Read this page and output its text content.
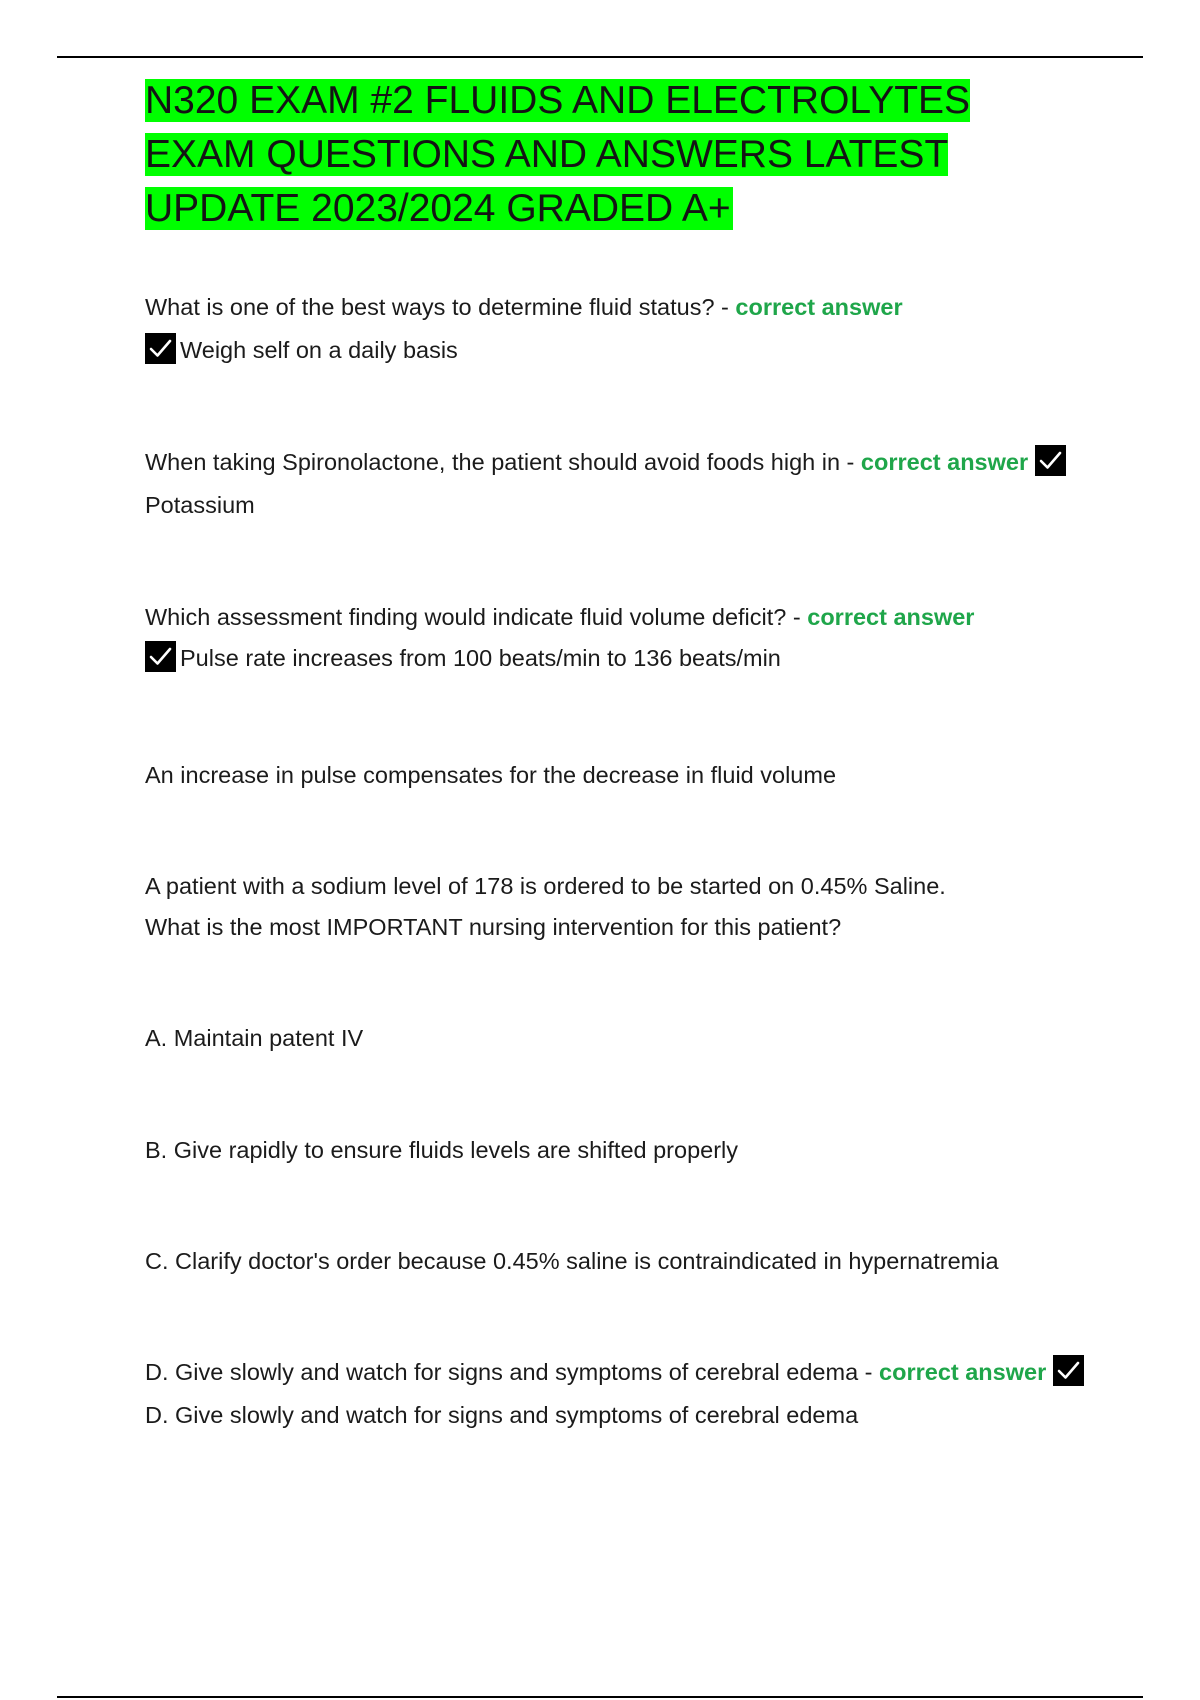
N320 EXAM #2 FLUIDS AND ELECTROLYTES EXAM QUESTIONS AND ANSWERS LATEST UPDATE 2023/2024 GRADED A+

What is one of the best ways to determine fluid status? - correct answer

Weigh self on a daily basis

When taking Spironolactone, the patient should avoid foods high in - correct answer
Potassium

Which assessment finding would indicate fluid volume deficit? - correct answer

Pulse rate increases from 100 beats/min to 136 beats/min

An increase in pulse compensates for the decrease in fluid volume

A patient with a sodium level of 178 is ordered to be started on 0.45% Saline.
What is the most IMPORTANT nursing intervention for this patient?

A. Maintain patent IV

B. Give rapidly to ensure fluids levels are shifted properly

C. Clarify doctor's order because 0.45% saline is contraindicated in hypernatremia

D. Give slowly and watch for signs and symptoms of cerebral edema - correct answer
D. Give slowly and watch for signs and symptoms of cerebral edema
